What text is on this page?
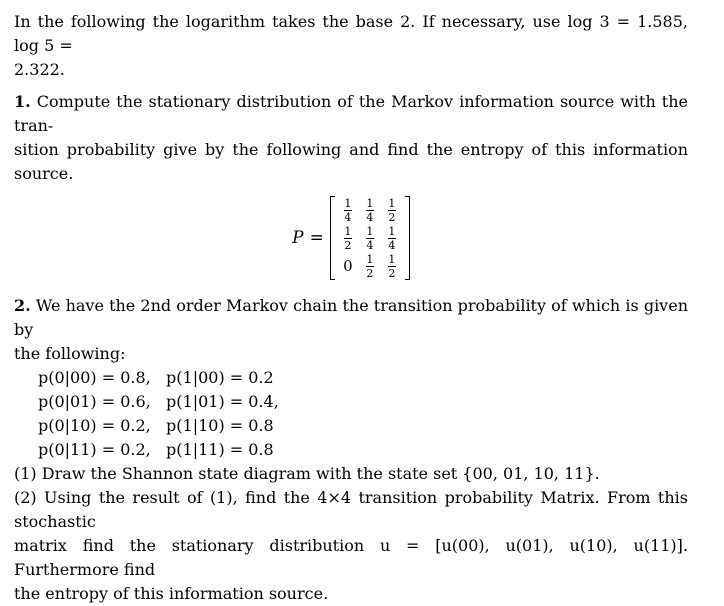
In the following the logarithm takes the base 2. If necessary, use log 3 = 1.585, log 5 =
2.322.

1. Compute the stationary distribution of the Markov information source with the tran-
sition probability give by the following and find the entropy of this information source.

P =
$\frac{1}{4} \frac{1}{4} \frac{1}{2}$
$\frac{1}{2} \frac{1}{4} \frac{1}{4}$
$0 \frac{1}{2} \frac{1}{2}$

2. We have the 2nd order Markov chain the transition probability of which is given by
the following:

p(0|00) = 0.8,   p(1|00) = 0.2
p(0|01) = 0.6,   p(1|01) = 0.4,
p(0|10) = 0.2,   p(1|10) = 0.8
p(0|11) = 0.2,   p(1|11) = 0.8

(1) Draw the Shannon state diagram with the state set {00, 01, 10, 11}.

(2) Using the result of (1), find the 4×4 transition probability Matrix. From this stochastic
matrix find the stationary distribution u = [u(00), u(01), u(10), u(11)]. Furthermore find
the entropy of this information source.
